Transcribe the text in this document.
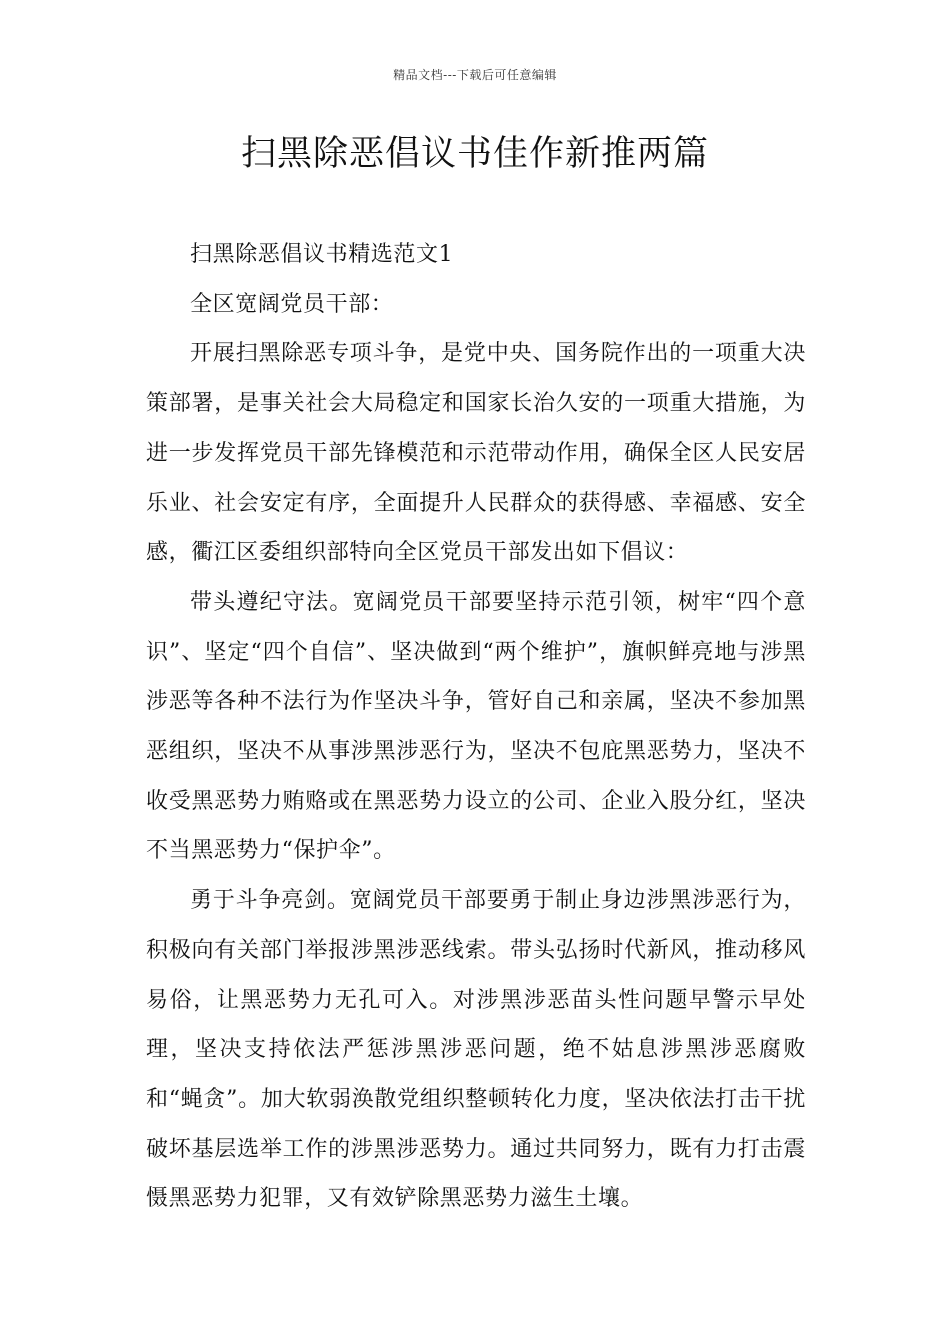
精品文档---下载后可任意编辑
扫黑除恶倡议书佳作新推两篇

扫黑除恶倡议书精选范文1

全区宽阔党员干部：

开展扫黑除恶专项斗争，是党中央、国务院作出的一项重大决策部署，是事关社会大局稳定和国家长治久安的一项重大措施，为进一步发挥党员干部先锋模范和示范带动作用，确保全区人民安居乐业、社会安定有序，全面提升人民群众的获得感、幸福感、安全感，衢江区委组织部特向全区党员干部发出如下倡议：

带头遵纪守法。宽阔党员干部要坚持示范引领，树牢“四个意识”、坚定“四个自信”、坚决做到“两个维护”，旗帜鲜亮地与涉黑涉恶等各种不法行为作坚决斗争，管好自己和亲属，坚决不参加黑恶组织，坚决不从事涉黑涉恶行为，坚决不包庇黑恶势力，坚决不收受黑恶势力贿赂或在黑恶势力设立的公司、企业入股分红，坚决不当黑恶势力“保护伞”。

勇于斗争亮剑。宽阔党员干部要勇于制止身边涉黑涉恶行为，积极向有关部门举报涉黑涉恶线索。带头弘扬时代新风，推动移风易俗，让黑恶势力无孔可入。对涉黑涉恶苗头性问题早警示早处理，坚决支持依法严惩涉黑涉恶问题，绝不姑息涉黑涉恶腐败和“蝇贪”。加大软弱涣散党组织整顿转化力度，坚决依法打击干扰破坏基层选举工作的涉黑涉恶势力。通过共同努力，既有力打击震慑黑恶势力犯罪，又有效铲除黑恶势力滋生土壤。
